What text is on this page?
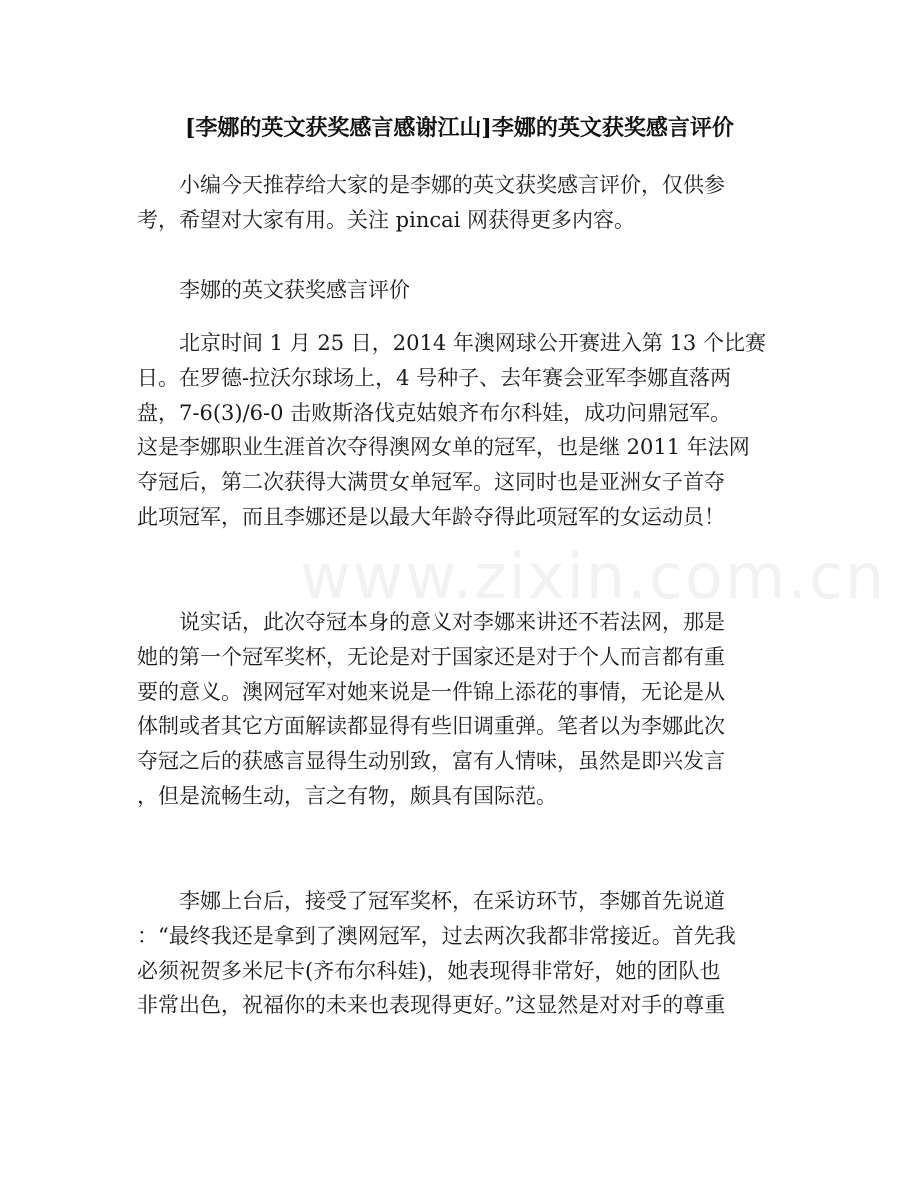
[李娜的英文获奖感言感谢江山]李娜的英文获奖感言评价

小编今天推荐给大家的是李娜的英文获奖感言评价，仅供参
考，希望对大家有用。关注 pincai 网获得更多内容。

李娜的英文获奖感言评价

北京时间 1 月 25 日，2014 年澳网球公开赛进入第 13 个比赛
日。在罗德-拉沃尔球场上，4 号种子、去年赛会亚军李娜直落两
盘，7-6(3)/6-0 击败斯洛伐克姑娘齐布尔科娃，成功问鼎冠军。
这是李娜职业生涯首次夺得澳网女单的冠军，也是继 2011 年法网
夺冠后，第二次获得大满贯女单冠军。这同时也是亚洲女子首夺
此项冠军，而且李娜还是以最大年龄夺得此项冠军的女运动员！

说实话，此次夺冠本身的意义对李娜来讲还不若法网，那是
她的第一个冠军奖杯，无论是对于国家还是对于个人而言都有重
要的意义。澳网冠军对她来说是一件锦上添花的事情，无论是从
体制或者其它方面解读都显得有些旧调重弹。笔者以为李娜此次
夺冠之后的获感言显得生动别致，富有人情味，虽然是即兴发言
，但是流畅生动，言之有物，颇具有国际范。

李娜上台后，接受了冠军奖杯，在采访环节，李娜首先说道
：“最终我还是拿到了澳网冠军，过去两次我都非常接近。首先我
必须祝贺多米尼卡(齐布尔科娃)，她表现得非常好，她的团队也
非常出色，祝福你的未来也表现得更好。”这显然是对对手的尊重

www.zixin.com.cn
